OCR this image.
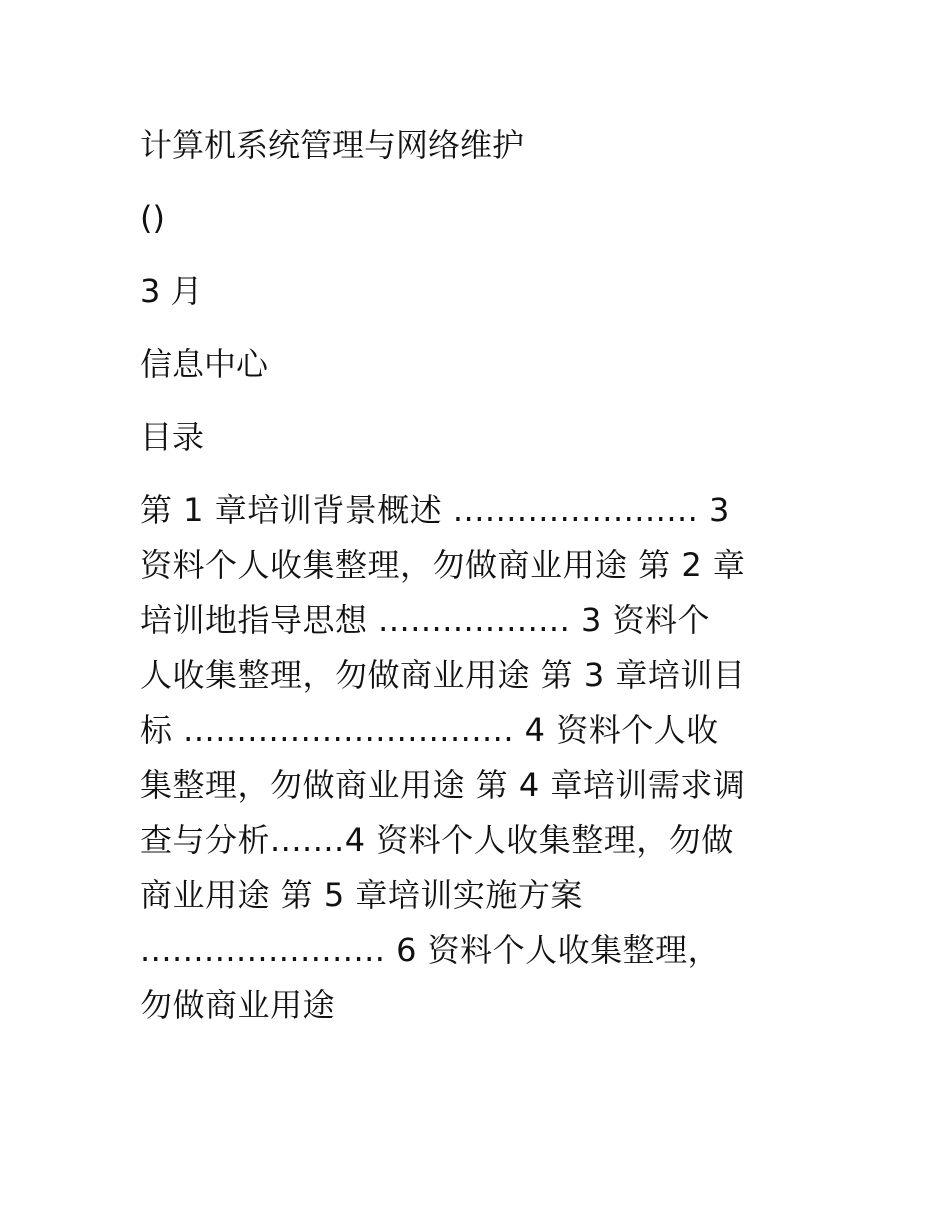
计算机系统管理与网络维护

()

3 月

信息中心

目录

第 1 章培训背景概述 ....................... 3

资料个人收集整理，勿做商业用途 第 2 章

培训地指导思想 .................. 3 资料个

人收集整理，勿做商业用途 第 3 章培训目

标 ............................... 4 资料个人收

集整理，勿做商业用途 第 4 章培训需求调

查与分析.......4 资料个人收集整理，勿做

商业用途 第 5 章培训实施方案

....................... 6 资料个人收集整理，

勿做商业用途
